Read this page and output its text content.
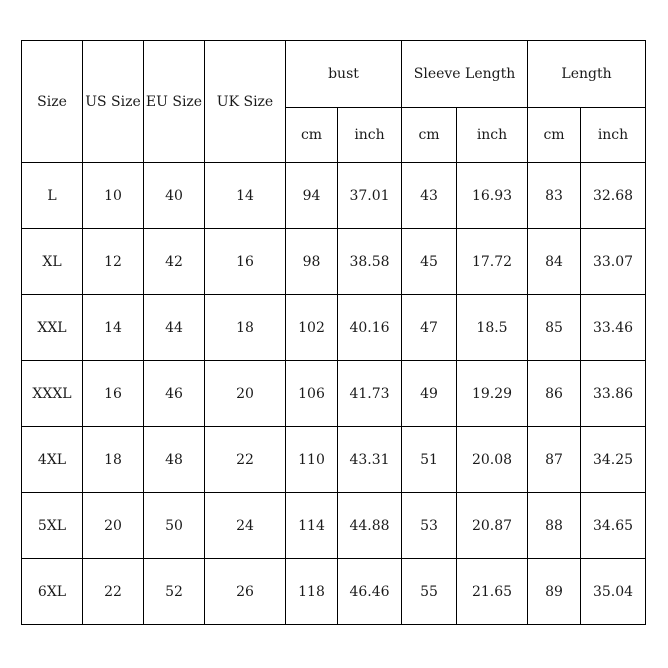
Size	US Size	EU Size	UK Size	bust		Sleeve Length		Length	
				cm	inch	cm	inch	cm	inch
L	10	40	14	94	37.01	43	16.93	83	32.68
XL	12	42	16	98	38.58	45	17.72	84	33.07
XXL	14	44	18	102	40.16	47	18.5	85	33.46
XXXL	16	46	20	106	41.73	49	19.29	86	33.86
4XL	18	48	22	110	43.31	51	20.08	87	34.25
5XL	20	50	24	114	44.88	53	20.87	88	34.65
6XL	22	52	26	118	46.46	55	21.65	89	35.04
